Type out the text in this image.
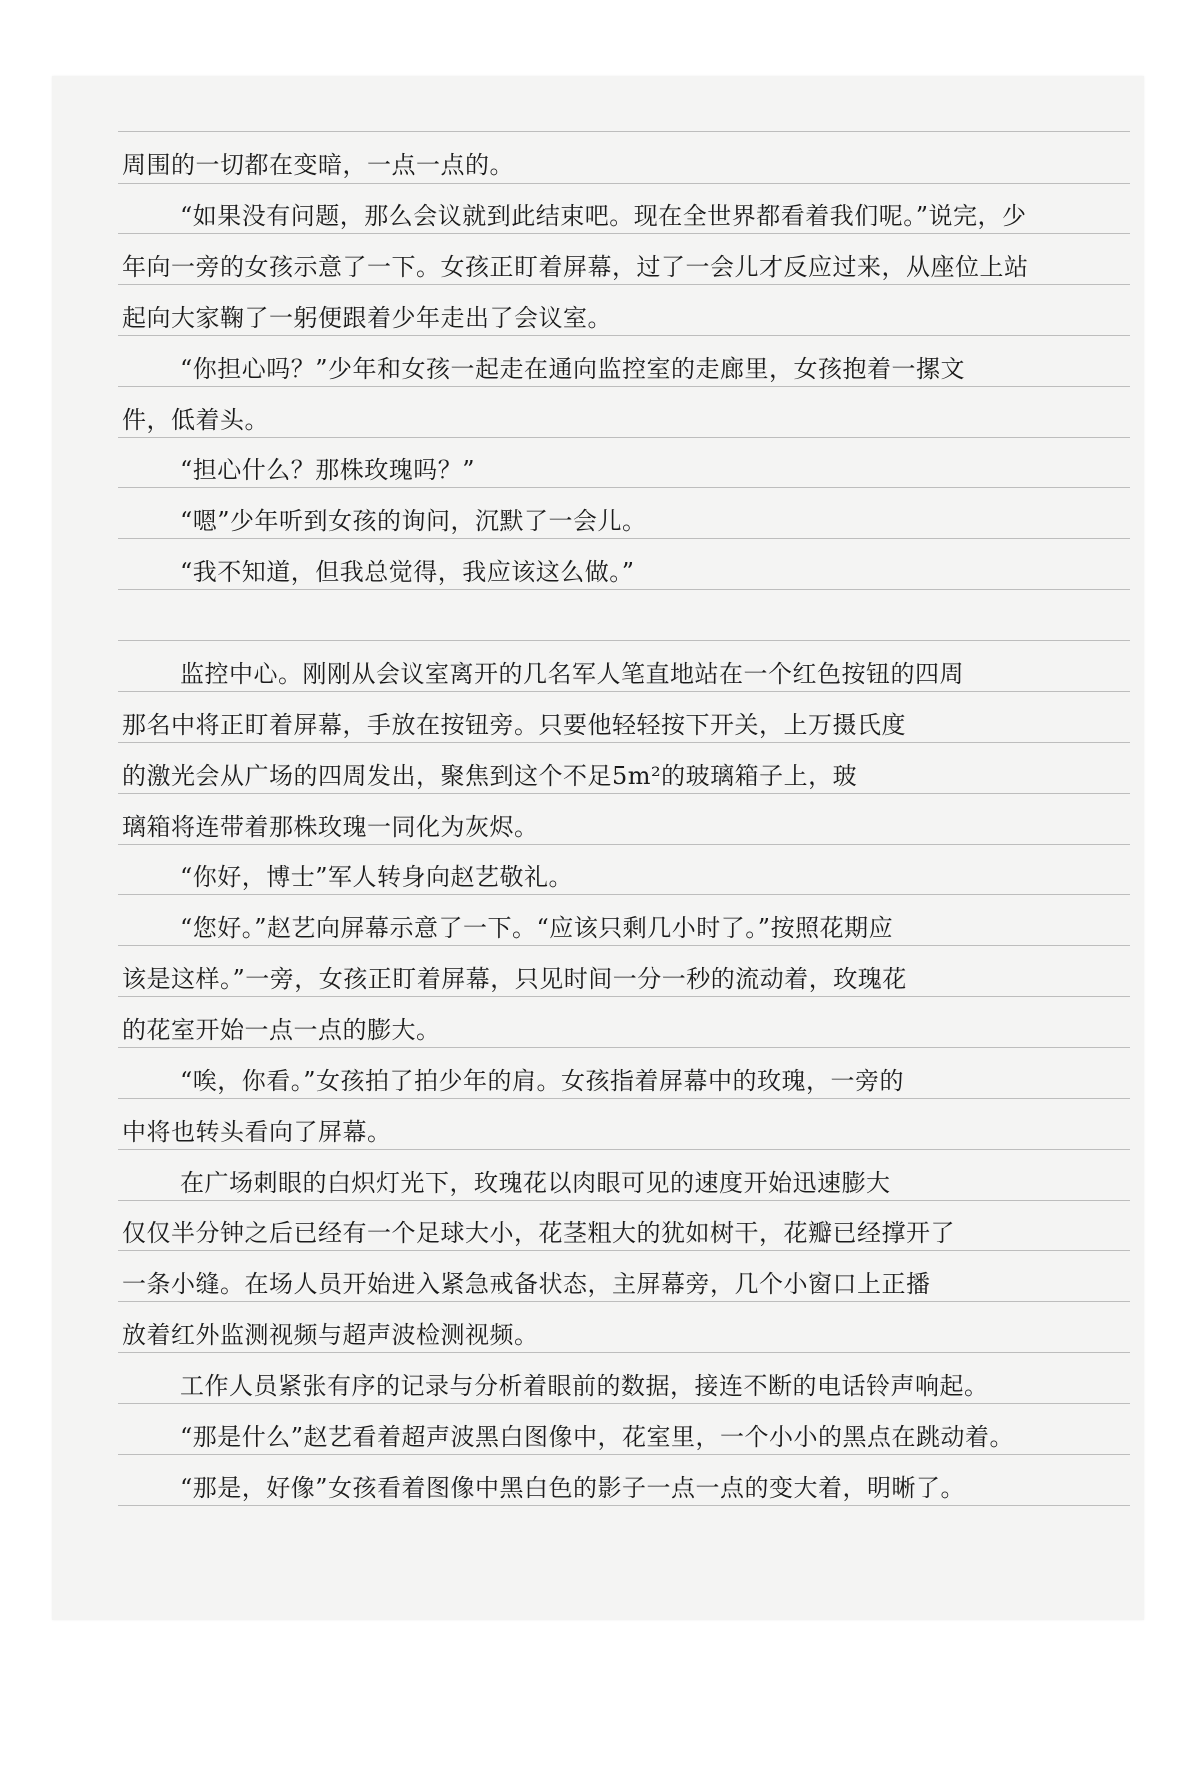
周围的一切都在变暗，一点一点的。
“如果没有问题，那么会议就到此结束吧。现在全世界都看着我们呢。”说完，少
年向一旁的女孩示意了一下。女孩正盯着屏幕，过了一会儿才反应过来，从座位上站
起向大家鞠了一躬便跟着少年走出了会议室。
“你担心吗？”少年和女孩一起走在通向监控室的走廊里，女孩抱着一摞文
件，低着头。
“担心什么？那株玫瑰吗？”
“嗯”少年听到女孩的询问，沉默了一会儿。
“我不知道，但我总觉得，我应该这么做。”
监控中心。刚刚从会议室离开的几名军人笔直地站在一个红色按钮的四周
那名中将正盯着屏幕，手放在按钮旁。只要他轻轻按下开关，上万摄氏度
的激光会从广场的四周发出，聚焦到这个不足5m²的玻璃箱子上，玻
璃箱将连带着那株玫瑰一同化为灰烬。
“你好，博士”军人转身向赵艺敬礼。
“您好。”赵艺向屏幕示意了一下。“应该只剩几小时了。”按照花期应
该是这样。”一旁，女孩正盯着屏幕，只见时间一分一秒的流动着，玫瑰花
的花室开始一点一点的膨大。
“唉，你看。”女孩拍了拍少年的肩。女孩指着屏幕中的玫瑰，一旁的
中将也转头看向了屏幕。
在广场刺眼的白炽灯光下，玫瑰花以肉眼可见的速度开始迅速膨大
仅仅半分钟之后已经有一个足球大小，花茎粗大的犹如树干，花瓣已经撑开了
一条小缝。在场人员开始进入紧急戒备状态，主屏幕旁，几个小窗口上正播
放着红外监测视频与超声波检测视频。
工作人员紧张有序的记录与分析着眼前的数据，接连不断的电话铃声响起。
“那是什么”赵艺看着超声波黑白图像中，花室里，一个小小的黑点在跳动着。
“那是，好像”女孩看着图像中黑白色的影子一点一点的变大着，明晰了。
